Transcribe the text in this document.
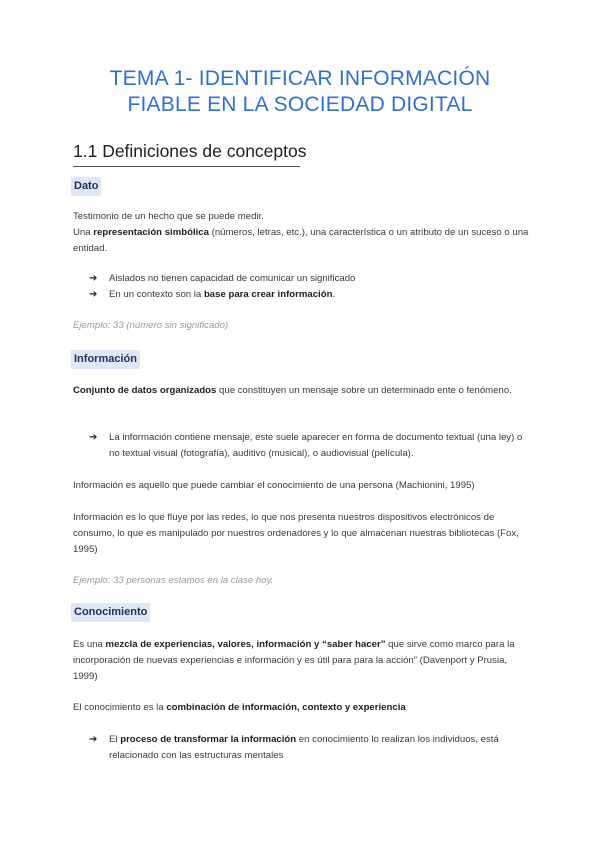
TEMA 1- IDENTIFICAR INFORMACIÓN
FIABLE EN LA SOCIEDAD DIGITAL
1.1 Definiciones de conceptos
Dato
Testimonio de un hecho que se puede medir.
Una representación simbólica (números, letras, etc.), una característica o un atributo de un suceso o una entidad.
➔	Aislados no tienen capacidad de comunicar un significado
➔	En un contexto son la base para crear información.
Ejemplo: 33 (número sin significado)
Información
Conjunto de datos organizados que constituyen un mensaje sobre un determinado ente o fenómeno.
➔	La información contiene mensaje, este suele aparecer en forma de documento textual (una ley) o no textual visual (fotografía), auditivo (musical), o audiovisual (película).
Información es aquello que puede cambiar el conocimiento de una persona (Machionini, 1995)
Información es lo que fluye por las redes, lo que nos presenta nuestros dispositivos electrónicos de consumo, lo que es manipulado por nuestros ordenadores y lo que almacenan nuestras bibliotecas (Fox, 1995)
Ejemplo: 33 personas estamos en la clase hoy.
Conocimiento
Es una mezcla de experiencias, valores, información y “saber hacer” que sirve como marco para la incorporación de nuevas experiencias e información y es útil para para la acción” (Davenport y Prusia, 1999)
El conocimiento es la combinación de información, contexto y experiencia
➔	El proceso de transformar la información en conocimiento lo realizan los individuos, está relacionado con las estructuras mentales
